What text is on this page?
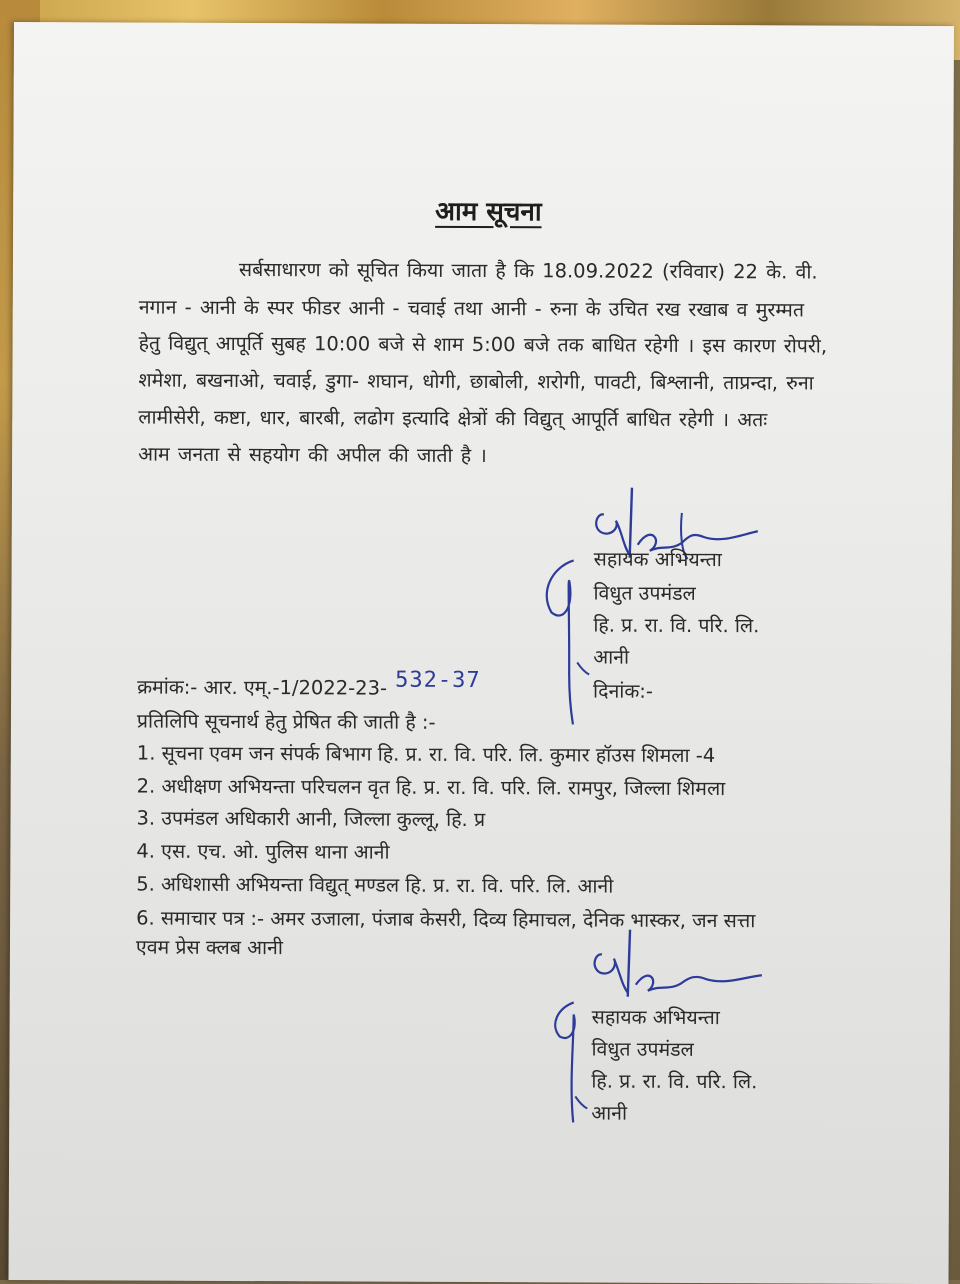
आम सूचना
सर्बसाधारण को सूचित किया जाता है कि 18.09.2022 (रविवार) 22 के. वी.
नगान - आनी के स्पर फीडर आनी - चवाई तथा आनी - रुना के उचित रख रखाब व मुरम्मत
हेतु विद्युत् आपूर्ति सुबह 10:00 बजे से शाम 5:00 बजे तक बाधित रहेगी । इस कारण रोपरी,
शमेशा, बखनाओ, चवाई, डुगा- शघान, धोगी, छाबोली, शरोगी, पावटी, बिश्लानी, ताप्रन्दा, रुना
लामीसेरी, कष्टा, धार, बारबी, लढोग इत्यादि क्षेत्रों की विद्युत् आपूर्ति बाधित रहेगी । अतः
आम जनता से सहयोग की अपील की जाती है ।
सहायक अभियन्ता
विधुत उपमंडल
हि. प्र. रा. वि. परि. लि.
आनी
क्रमांक:- आर. एम्.-1/2022-23- 532-37	दिनांक:-
प्रतिलिपि सूचनार्थ हेतु प्रेषित की जाती है :-
1. सूचना एवम जन संपर्क बिभाग हि. प्र. रा. वि. परि. लि. कुमार हॉउस शिमला -4
2. अधीक्षण अभियन्ता परिचलन वृत हि. प्र. रा. वि. परि. लि. रामपुर, जिल्ला शिमला
3. उपमंडल अधिकारी आनी, जिल्ला कुल्लू, हि. प्र
4. एस. एच. ओ. पुलिस थाना आनी
5. अधिशासी अभियन्ता विद्युत् मण्डल हि. प्र. रा. वि. परि. लि. आनी
6. समाचार पत्र :- अमर उजाला, पंजाब केसरी, दिव्य हिमाचल, देनिक भास्कर, जन सत्ता
एवम प्रेस क्लब आनी
सहायक अभियन्ता
विधुत उपमंडल
हि. प्र. रा. वि. परि. लि.
आनी
